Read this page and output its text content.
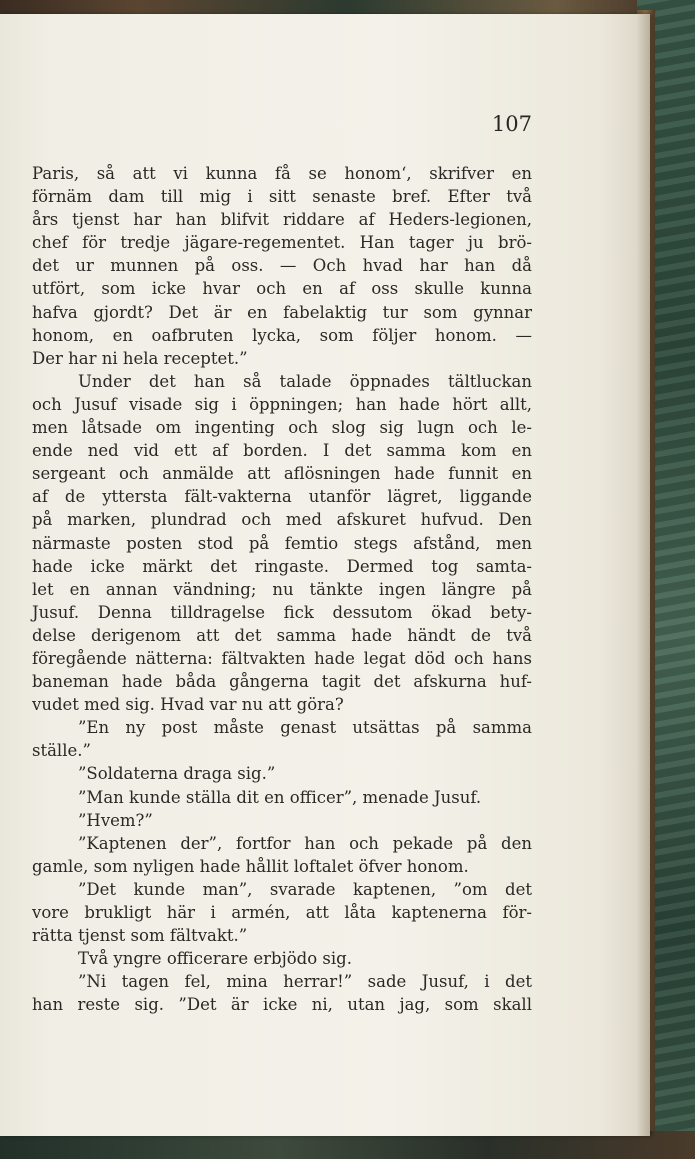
107

Paris, så att vi kunna få se honom‘, skrifver en
förnäm dam till mig i sitt senaste bref. Efter två
års tjenst har han blifvit riddare af Heders-legionen,
chef för tredje jägare-regementet. Han tager ju brö-
det ur munnen på oss. — Och hvad har han då
utfört, som icke hvar och en af oss skulle kunna
hafva gjordt? Det är en fabelaktig tur som gynnar
honom, en oafbruten lycka, som följer honom. —
Der har ni hela receptet.”
Under det han så talade öppnades tältluckan
och Jusuf visade sig i öppningen; han hade hört allt,
men låtsade om ingenting och slog sig lugn och le-
ende ned vid ett af borden. I det samma kom en
sergeant och anmälde att aflösningen hade funnit en
af de yttersta fält-vakterna utanför lägret, liggande
på marken, plundrad och med afskuret hufvud. Den
närmaste posten stod på femtio stegs afstånd, men
hade icke märkt det ringaste. Dermed tog samta-
let en annan vändning; nu tänkte ingen längre på
Jusuf. Denna tilldragelse fick dessutom ökad bety-
delse derigenom att det samma hade händt de två
föregående nätterna: fältvakten hade legat död och hans
baneman hade båda gångerna tagit det afskurna huf-
vudet med sig. Hvad var nu att göra?
”En ny post måste genast utsättas på samma
ställe.”
”Soldaterna draga sig.”
”Man kunde ställa dit en officer”, menade Jusuf.
”Hvem?”
”Kaptenen der”, fortfor han och pekade på den
gamle, som nyligen hade hållit loftalet öfver honom.
”Det kunde man”, svarade kaptenen, ”om det
vore brukligt här i armén, att låta kaptenerna för-
rätta tjenst som fältvakt.”
Två yngre officerare erbjödo sig.
”Ni tagen fel, mina herrar!” sade Jusuf, i det
han reste sig. ”Det är icke ni, utan jag, som skall
